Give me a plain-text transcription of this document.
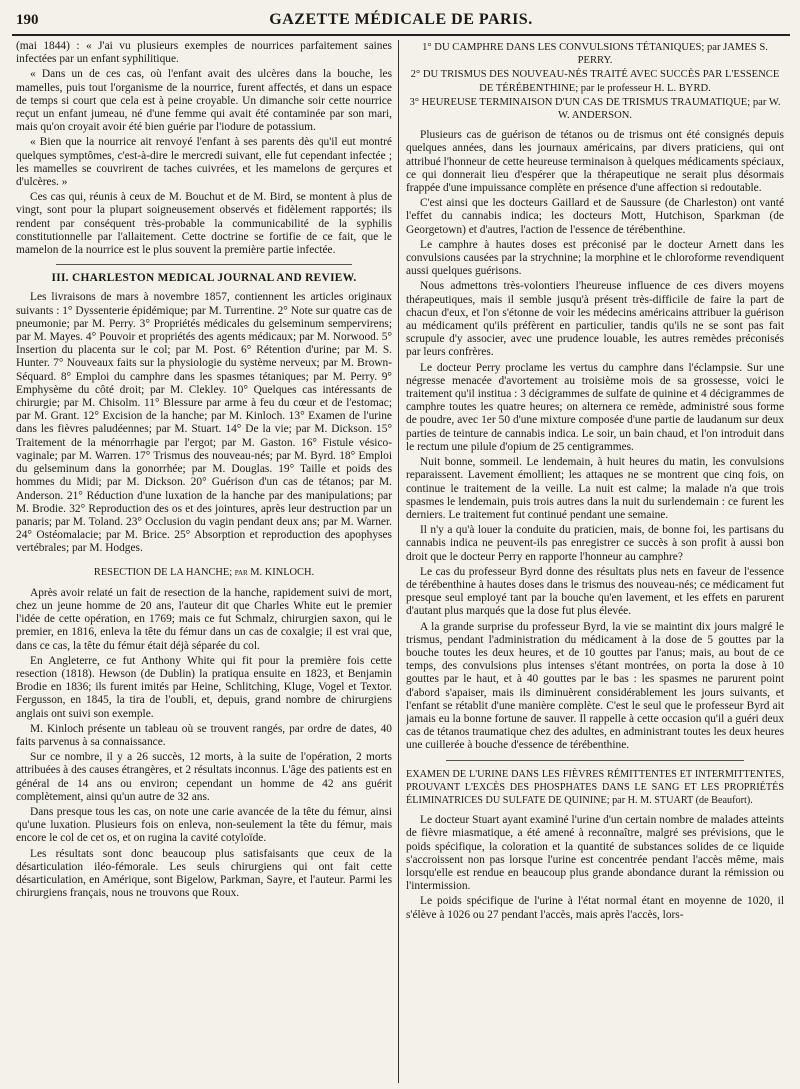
190	GAZETTE MÉDICALE DE PARIS.

(mai 1844) : « J'ai vu plusieurs exemples de nourrices parfaitement saines infectées par un enfant syphilitique.

« Dans un de ces cas, où l'enfant avait des ulcères dans la bouche, les mamelles, puis tout l'organisme de la nourrice, furent affectés, et dans un espace de temps si court que cela est à peine croyable. Un dimanche soir cette nourrice reçut un enfant jumeau, né d'une femme qui avait été contaminée par son mari, mais qu'on croyait avoir été bien guérie par l'iodure de potassium.

« Bien que la nourrice ait renvoyé l'enfant à ses parents dès qu'il eut montré quelques symptômes, c'est-à-dire le mercredi suivant, elle fut cependant infectée ; les mamelles se couvrirent de taches cuivrées, et les mamelons de gerçures et d'ulcères. »

Ces cas qui, réunis à ceux de M. Bouchut et de M. Bird, se montent à plus de vingt, sont pour la plupart soigneusement observés et fidèlement rapportés; ils rendent par conséquent très-probable la communicabilité de la syphilis constitutionnelle par l'allaitement. Cette doctrine se fortifie de ce fait, que le mamelon de la nourrice est le plus souvent la première partie infectée.

III. CHARLESTON MEDICAL JOURNAL AND REVIEW.

Les livraisons de mars à novembre 1857, contiennent les articles originaux suivants : 1° Dyssenterie épidémique; par M. Turrentine. 2° Note sur quatre cas de pneumonie; par M. Perry. 3° Propriétés médicales du gelseminum sempervirens; par M. Mayes. 4° Pouvoir et propriétés des agents médicaux; par M. Norwood. 5° Insertion du placenta sur le col; par M. Post. 6° Rétention d'urine; par M. S. Hunter. 7° Nouveaux faits sur la physiologie du système nerveux; par M. Brown-Séquard. 8° Emploi du camphre dans les spasmes tétaniques; par M. Perry. 9° Emphysème du côté droit; par M. Clekley. 10° Quelques cas intéressants de chirurgie; par M. Chisolm. 11° Blessure par arme à feu du cœur et de l'estomac; par M. Grant. 12° Excision de la hanche; par M. Kinloch. 13° Examen de l'urine dans les fièvres paludéennes; par M. Stuart. 14° De la vie; par M. Dickson. 15° Traitement de la ménorrhagie par l'ergot; par M. Gaston. 16° Fistule vésico-vaginale; par M. Warren. 17° Trismus des nouveau-nés; par M. Byrd. 18° Emploi du gelseminum dans la gonorrhée; par M. Douglas. 19° Taille et poids des hommes du Midi; par M. Dickson. 20° Guérison d'un cas de tétanos; par M. Anderson. 21° Réduction d'une luxation de la hanche par des manipulations; par M. Brodie. 32° Reproduction des os et des jointures, après leur destruction par un panaris; par M. Toland. 23° Occlusion du vagin pendant deux ans; par M. Warner. 24° Ostéomalacie; par M. Brice. 25° Absorption et reproduction des apophyses vertébrales; par M. Hodges.

RESECTION DE LA HANCHE; par M. KINLOCH.

Après avoir relaté un fait de resection de la hanche, rapidement suivi de mort, chez un jeune homme de 20 ans, l'auteur dit que Charles White eut le premier l'idée de cette opération, en 1769; mais ce fut Schmalz, chirurgien saxon, qui le premier, en 1816, enleva la tête du fémur dans un cas de coxalgie; il est vrai que, dans ce cas, la tête du fémur était déjà séparée du col.

En Angleterre, ce fut Anthony White qui fit pour la première fois cette resection (1818). Hewson (de Dublin) la pratiqua ensuite en 1823, et Benjamin Brodie en 1836; ils furent imités par Heine, Schlitching, Kluge, Vogel et Textor. Fergusson, en 1845, la tira de l'oubli, et, depuis, grand nombre de chirurgiens anglais ont suivi son exemple.

M. Kinloch présente un tableau où se trouvent rangés, par ordre de dates, 40 faits parvenus à sa connaissance.

Sur ce nombre, il y a 26 succès, 12 morts, à la suite de l'opération, 2 morts attribuées à des causes étrangères, et 2 résultats inconnus. L'âge des patients est en général de 14 ans ou environ; cependant un homme de 42 ans guérit complètement, ainsi qu'un autre de 32 ans.

Dans presque tous les cas, on note une carie avancée de la tête du fémur, ainsi qu'une luxation. Plusieurs fois on enleva, non-seulement la tête du fémur, mais encore le col de cet os, et on rugina la cavité cotyloïde.

Les résultats sont donc beaucoup plus satisfaisants que ceux de la désarticulation iléo-fémorale. Les seuls chirurgiens qui ont fait cette désarticulation, en Amérique, sont Bigelow, Parkman, Sayre, et l'auteur. Parmi les chirurgiens français, nous ne trouvons que Roux.

1° DU CAMPHRE DANS LES CONVULSIONS TÉTANIQUES; par JAMES S. PERRY.

2° DU TRISMUS DES NOUVEAU-NÉS TRAITÉ AVEC SUCCÈS PAR L'ESSENCE DE TÉRÉBENTHINE; par le professeur H. L. BYRD.

3° HEUREUSE TERMINAISON D'UN CAS DE TRISMUS TRAUMATIQUE; par W. W. ANDERSON.

Plusieurs cas de guérison de tétanos ou de trismus ont été consignés depuis quelques années, dans les journaux américains, par divers praticiens, qui ont attribué l'honneur de cette heureuse terminaison à quelques médicaments spéciaux, ce qui donnerait lieu d'espérer que la thérapeutique ne serait plus désormais frappée d'une impuissance complète en présence d'une affection si redoutable.

C'est ainsi que les docteurs Gaillard et de Saussure (de Charleston) ont vanté l'effet du cannabis indica; les docteurs Mott, Hutchison, Sparkman (de Georgetown) et d'autres, l'action de l'essence de térébenthine.

Le camphre à hautes doses est préconisé par le docteur Arnett dans les convulsions causées par la strychnine; la morphine et le chloroforme revendiquent aussi quelques guérisons.

Nous admettons très-volontiers l'heureuse influence de ces divers moyens thérapeutiques, mais il semble jusqu'à présent très-difficile de faire la part de chacun d'eux, et l'on s'étonne de voir les médecins américains attribuer la guérison au médicament qu'ils préfèrent en particulier, tandis qu'ils ne se sont pas fait scrupule d'y associer, avec une prudence louable, les autres remèdes préconisés par leurs confrères.

Le docteur Perry proclame les vertus du camphre dans l'éclampsie. Sur une négresse menacée d'avortement au troisième mois de sa grossesse, voici le traitement qu'il institua : 3 décigrammes de sulfate de quinine et 4 décigrammes de camphre toutes les quatre heures; on alternera ce remède, administré sous forme de poudre, avec 1er 50 d'une mixture composée d'une partie de laudanum sur deux parties de teinture de cannabis indica. Le soir, un bain chaud, et l'on introduit dans le rectum une pilule d'opium de 25 centigrammes.

Nuit bonne, sommeil. Le lendemain, à huit heures du matin, les convulsions reparaissent. Lavement émollient; les attaques ne se montrent que cinq fois, on continue le traitement de la veille. La nuit est calme; la malade n'a que trois spasmes le lendemain, puis trois autres dans la nuit du surlendemain : ce furent les derniers. Le traitement fut continué pendant une semaine.

Il n'y a qu'à louer la conduite du praticien, mais, de bonne foi, les partisans du cannabis indica ne peuvent-ils pas enregistrer ce succès à son profit à aussi bon droit que le docteur Perry en rapporte l'honneur au camphre?

Le cas du professeur Byrd donne des résultats plus nets en faveur de l'essence de térébenthine à hautes doses dans le trismus des nouveau-nés; ce médicament fut presque seul employé tant par la bouche qu'en lavement, et les effets en parurent d'autant plus marqués que la dose fut plus élevée.

A la grande surprise du professeur Byrd, la vie se maintint dix jours malgré le trismus, pendant l'administration du médicament à la dose de 5 gouttes par la bouche toutes les deux heures, et de 10 gouttes par l'anus; mais, au bout de ce temps, des convulsions plus intenses s'étant montrées, on porta la dose à 10 gouttes par le haut, et à 40 gouttes par le bas : les spasmes ne parurent point d'abord s'apaiser, mais ils diminuèrent considérablement les jours suivants, et l'enfant se rétablit d'une manière complète. C'est le seul que le professeur Byrd ait jamais eu la bonne fortune de sauver. Il rappelle à cette occasion qu'il a guéri deux cas de tétanos traumatique chez des adultes, en administrant toutes les deux heures une cuillerée à bouche d'essence de térébenthine.

EXAMEN DE L'URINE DANS LES FIÈVRES RÉMITTENTES ET INTERMITTENTES, PROUVANT L'EXCÈS DES PHOSPHATES DANS LE SANG ET LES PROPRIÉTÉS ÉLIMINATRICES DU SULFATE DE QUININE; par H. M. STUART (de Beaufort).

Le docteur Stuart ayant examiné l'urine d'un certain nombre de malades atteints de fièvre miasmatique, a été amené à reconnaître, malgré ses prévisions, que le poids spécifique, la coloration et la quantité de substances solides de ce liquide s'accroissent non pas lorsque l'urine est concentrée pendant l'accès même, mais lorsqu'elle est rendue en beaucoup plus grande abondance durant la rémission ou l'intermission.

Le poids spécifique de l'urine à l'état normal étant en moyenne de 1020, il s'élève à 1026 ou 27 pendant l'accès, mais après l'accès, lors-
